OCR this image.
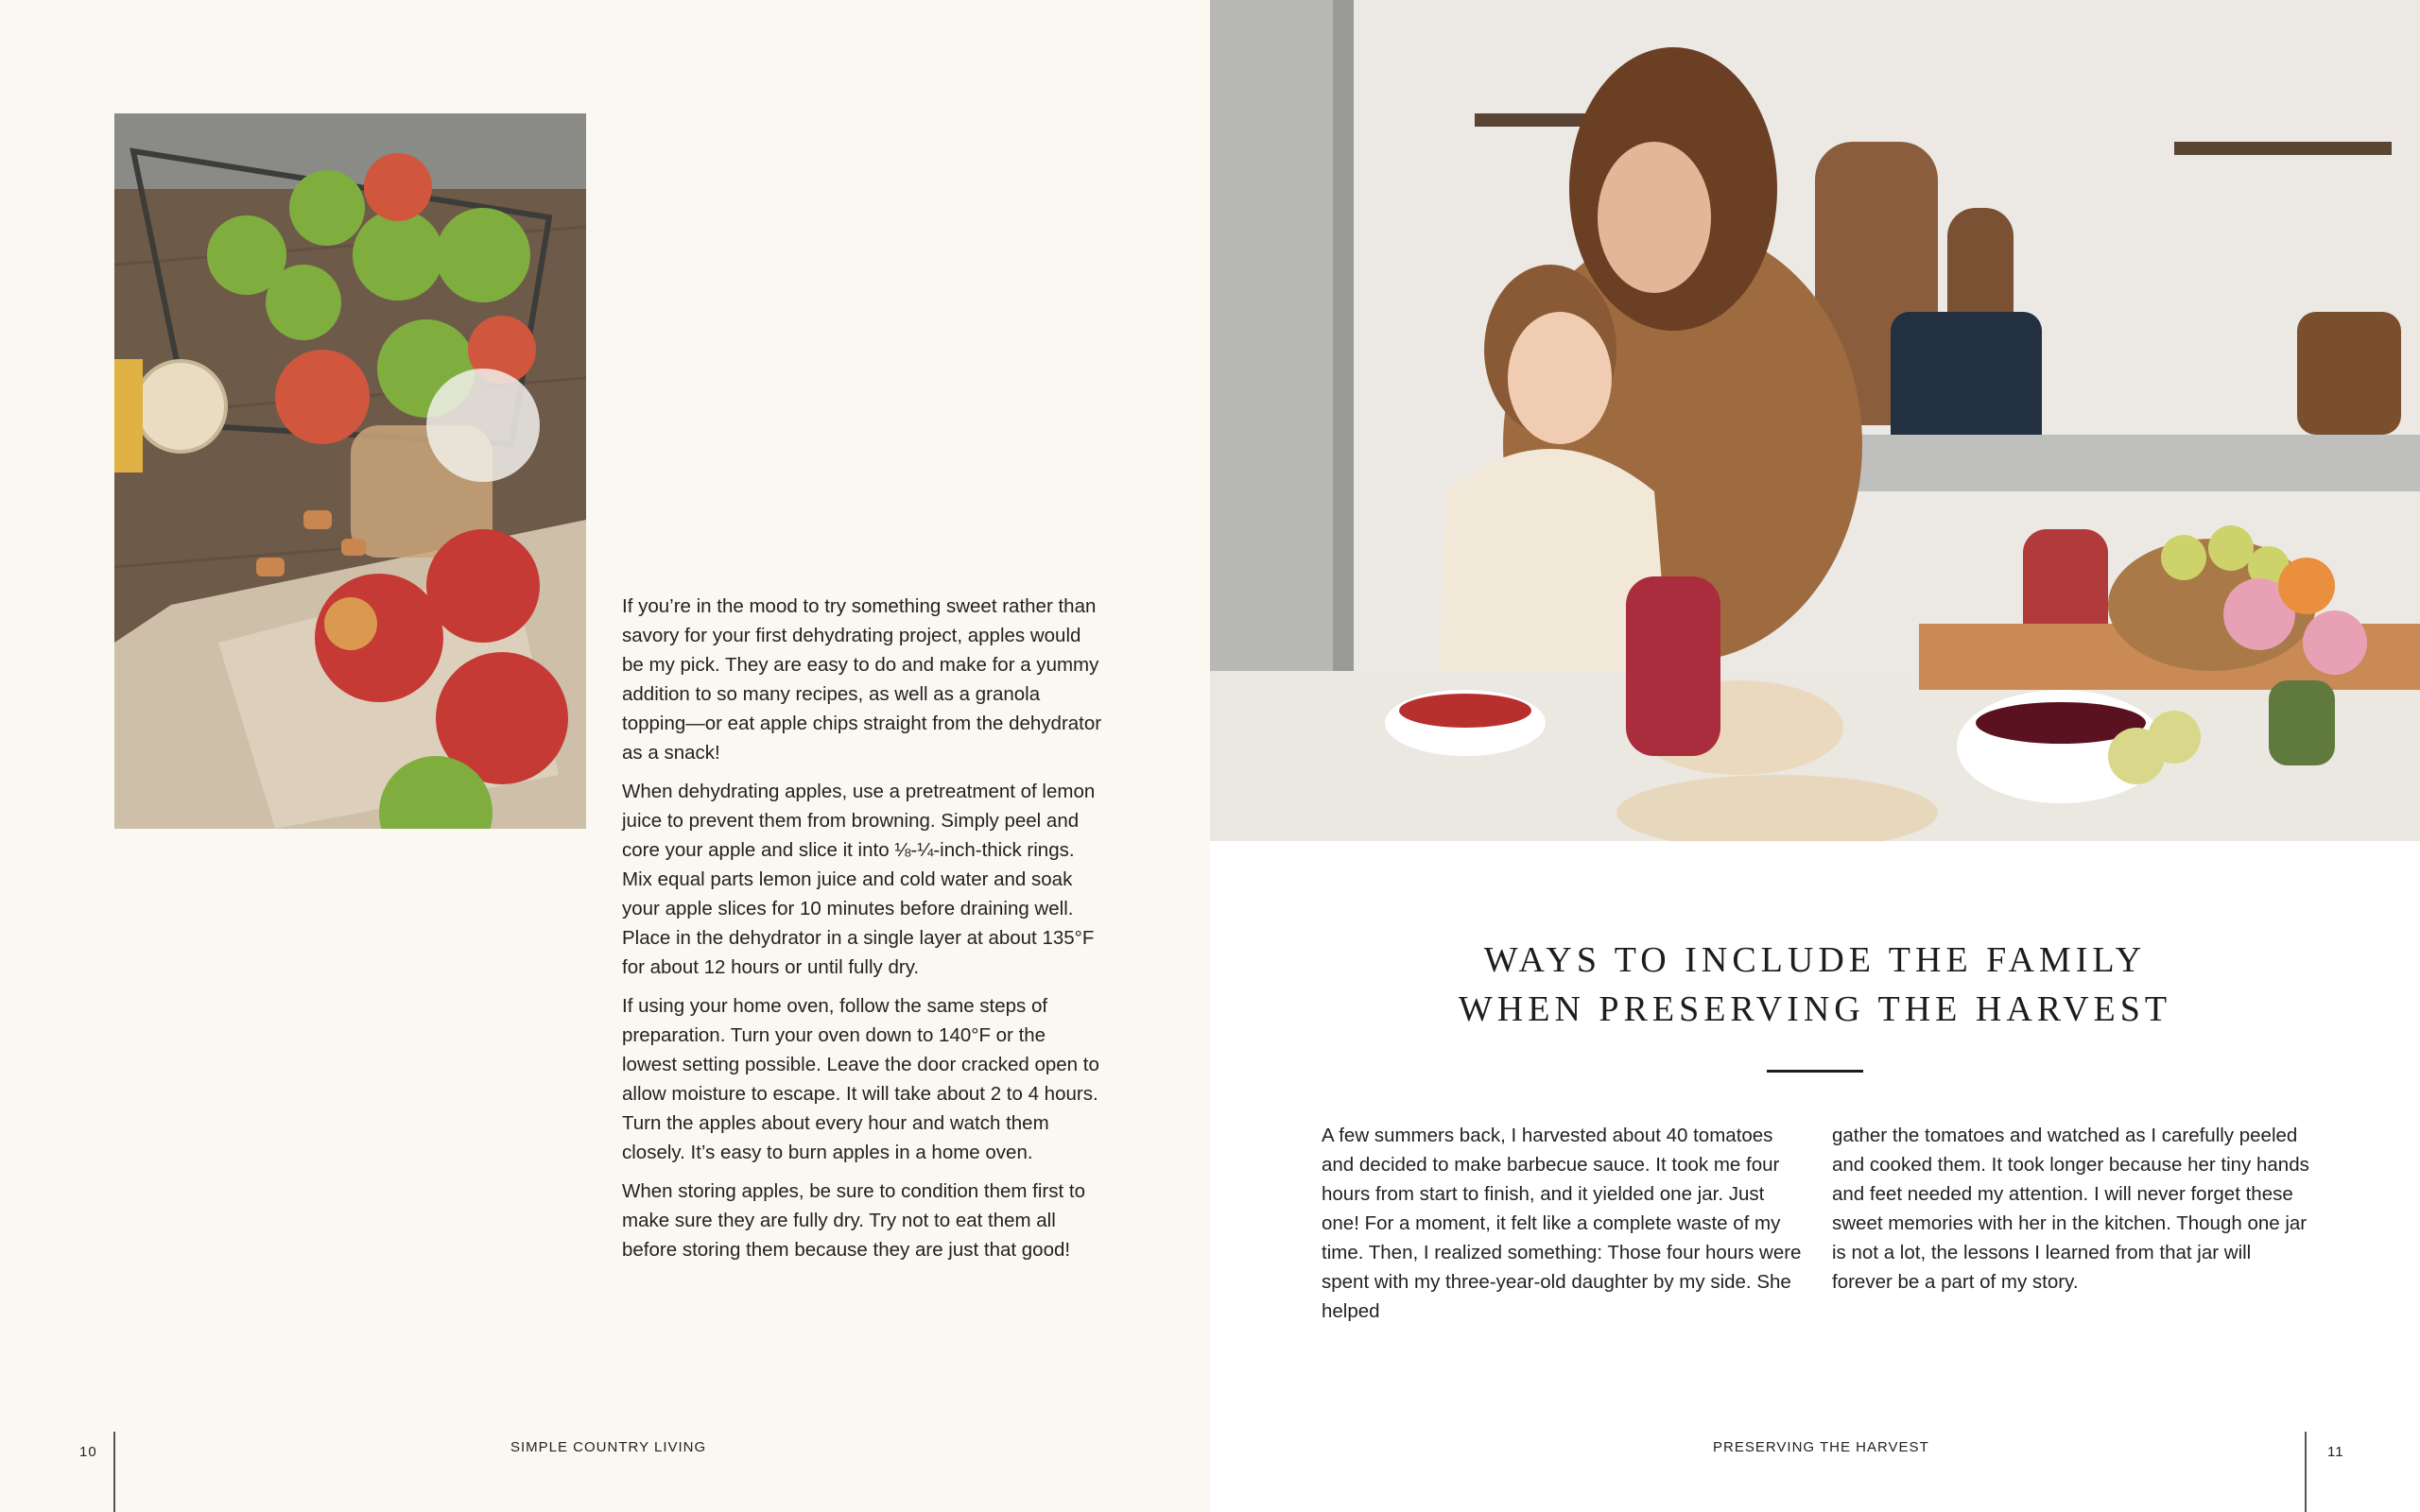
If you’re in the mood to try something sweet rather than savory for your first dehydrating project, apples would be my pick. They are easy to do and make for a yummy addition to so many recipes, as well as a granola topping—or eat apple chips straight from the dehydrator as a snack!

When dehydrating apples, use a pretreatment of lemon juice to prevent them from browning. Simply peel and core your apple and slice it into ⅛-¼-inch-thick rings. Mix equal parts lemon juice and cold water and soak your apple slices for 10 minutes before draining well. Place in the dehydrator in a single layer at about 135°F for about 12 hours or until fully dry.

If using your home oven, follow the same steps of preparation. Turn your oven down to 140°F or the lowest setting possible. Leave the door cracked open to allow moisture to escape. It will take about 2 to 4 hours. Turn the apples about every hour and watch them closely. It’s easy to burn apples in a home oven.

When storing apples, be sure to condition them first to make sure they are fully dry. Try not to eat them all before storing them because they are just that good!

10	SIMPLE COUNTRY LIVING
WAYS TO INCLUDE THE FAMILY
WHEN PRESERVING THE HARVEST

A few summers back, I harvested about 40 tomatoes and decided to make barbecue sauce. It took me four hours from start to finish, and it yielded one jar. Just one! For a moment, it felt like a complete waste of my time. Then, I realized something: Those four hours were spent with my three-year-old daughter by my side. She helped

gather the tomatoes and watched as I carefully peeled and cooked them. It took longer because her tiny hands and feet needed my attention. I will never forget these sweet memories with her in the kitchen. Though one jar is not a lot, the lessons I learned from that jar will forever be a part of my story.

PRESERVING THE HARVEST	11
